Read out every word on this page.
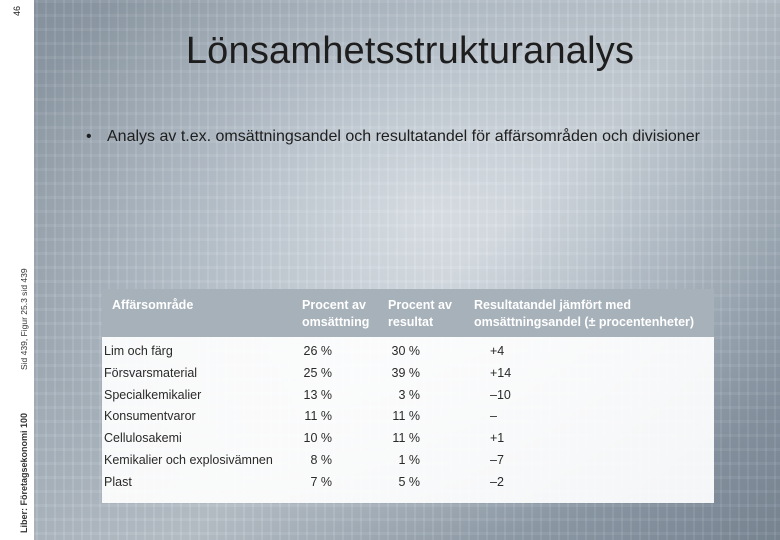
46
Sid 439, Figur 25.3 sid 439
Liber: Företagsekonomi 100
Lönsamhetsstrukturanalys
• Analys av t.ex. omsättningsandel och resultatandel för affärsområden och divisioner
Affärsområde	Procent av omsättning	Procent av resultat	Resultatandel jämfört med omsättningsandel (± procentenheter)
Lim och färg	26 %	30 %	+4
Försvarsmaterial	25 %	39 %	+14
Specialkemikalier	13 %	3 %	–10
Konsumentvaror	11 %	11 %	–
Cellulosakemi	10 %	11 %	+1
Kemikalier och explosivämnen	8 %	1 %	–7
Plast	7 %	5 %	–2
